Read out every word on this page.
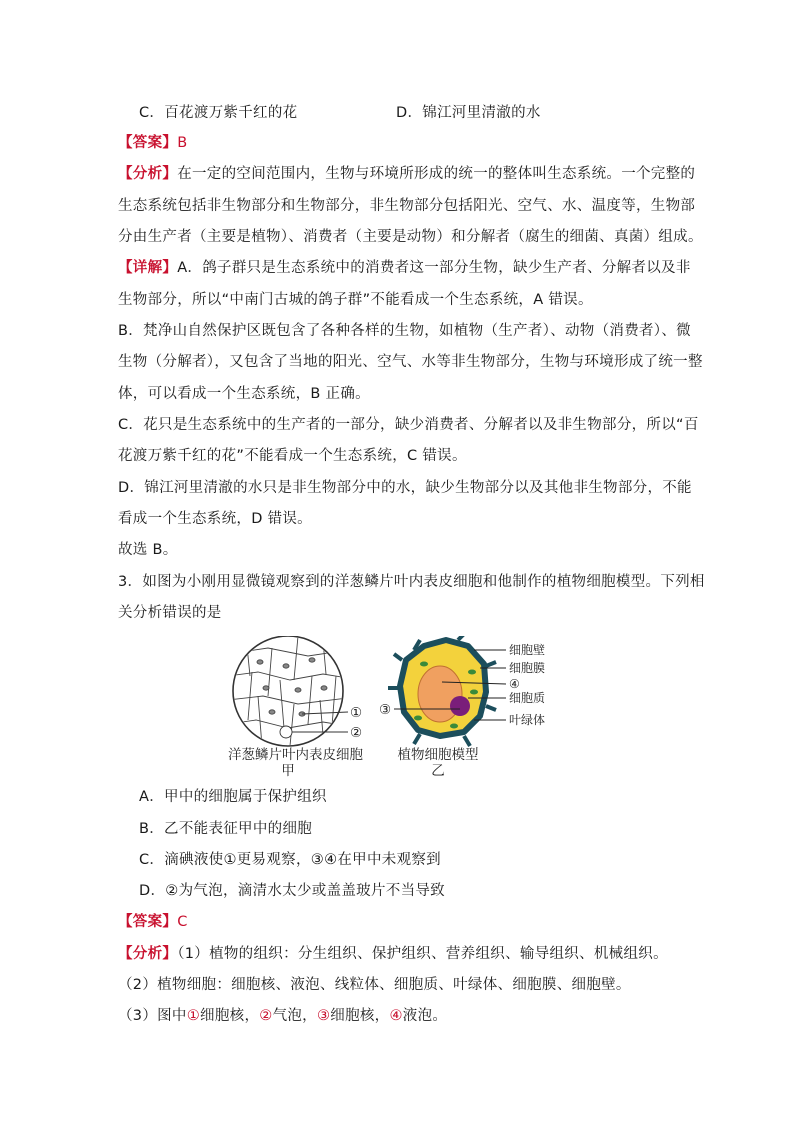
C．百花渡万紫千红的花	D．锦江河里清澈的水
【答案】B
【分析】在一定的空间范围内，生物与环境所形成的统一的整体叫生态系统。一个完整的
生态系统包括非生物部分和生物部分，非生物部分包括阳光、空气、水、温度等，生物部
分由生产者（主要是植物）、消费者（主要是动物）和分解者（腐生的细菌、真菌）组成。
【详解】A．鸽子群只是生态系统中的消费者这一部分生物，缺少生产者、分解者以及非
生物部分，所以“中南门古城的鸽子群”不能看成一个生态系统，A 错误。
B．梵净山自然保护区既包含了各种各样的生物，如植物（生产者）、动物（消费者）、微
生物（分解者），又包含了当地的阳光、空气、水等非生物部分，生物与环境形成了统一整
体，可以看成一个生态系统，B 正确。
C．花只是生态系统中的生产者的一部分，缺少消费者、分解者以及非生物部分，所以“百
花渡万紫千红的花”不能看成一个生态系统，C 错误。
D．锦江河里清澈的水只是非生物部分中的水，缺少生物部分以及其他非生物部分，不能
看成一个生态系统，D 错误。
故选 B。
3．如图为小刚用显微镜观察到的洋葱鳞片叶内表皮细胞和他制作的植物细胞模型。下列相
关分析错误的是
①
②
洋葱鳞片叶内表皮细胞
甲
细胞壁
细胞膜
④
细胞质
叶绿体
③
植物细胞模型
乙
A．甲中的细胞属于保护组织
B．乙不能表征甲中的细胞
C．滴碘液使①更易观察，③④在甲中未观察到
D．②为气泡，滴清水太少或盖盖玻片不当导致
【答案】C
【分析】（1）植物的组织：分生组织、保护组织、营养组织、输导组织、机械组织。
（2）植物细胞：细胞核、液泡、线粒体、细胞质、叶绿体、细胞膜、细胞壁。
（3）图中①细胞核，②气泡，③细胞核，④液泡。
